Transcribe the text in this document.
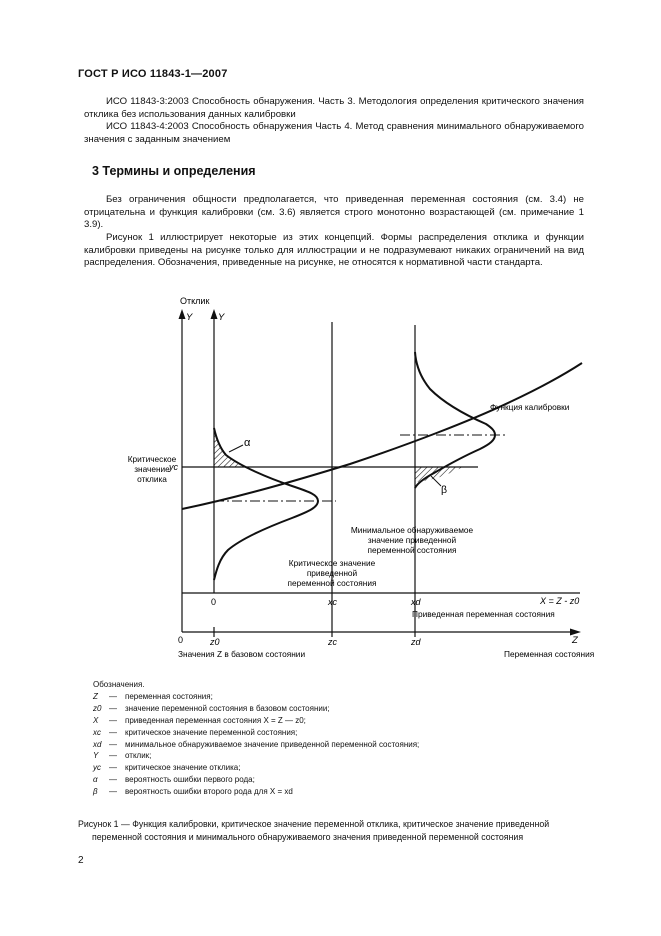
ГОСТ Р ИСО 11843-1—2007
ИСО 11843-3:2003 Способность обнаружения. Часть 3. Методология определения критического значения отклика без использования данных калибровки
ИСО 11843-4:2003 Способность обнаружения Часть 4. Метод сравнения минимального обнаруживаемого значения с заданным значением
3 Термины и определения
Без ограничения общности предполагается, что приведенная переменная состояния (см. 3.4) не отрицательна и функция калибровки (см. 3.6) является строго монотонно возрастающей (см. примечание 1 3.9).
Рисунок 1 иллюстрирует некоторые из этих концепций. Формы распределения отклика и функции калибровки приведены на рисунке только для иллюстрации и не подразумевают никаких ограничений на вид распределения. Обозначения, приведенные на рисунке, не относятся к нормативной части стандарта.
Отклик
Y	Y
Критическое
значение
отклика
yc
α
β
Функция калибровки
Минимальное обнаруживаемое
значение приведенной
переменной состояния
Критическое значение
приведенной
переменной состояния
0	xc	xd	X = Z - z0
Приведенная переменная состояния
0	z0	zc	zd	Z
Значения Z в базовом состоянии	Переменная состояния
Обозначения.
Z	—	переменная состояния;
z0 —	значение переменной состояния в базовом состоянии;
X	—	приведенная переменная состояния X = Z — z0;
xc	—	критическое значение переменной состояния;
xd —	минимальное обнаруживаемое значение приведенной переменной состояния;
Y	—	отклик;
yc	—	критическое значение отклика;
α	—	вероятность ошибки первого рода;
β	—	вероятность ошибки второго рода для X = xd
Рисунок 1 — Функция калибровки, критическое значение переменной отклика, критическое значение приведенной
переменной состояния и минимального обнаруживаемого значения приведенной переменной состояния
2
